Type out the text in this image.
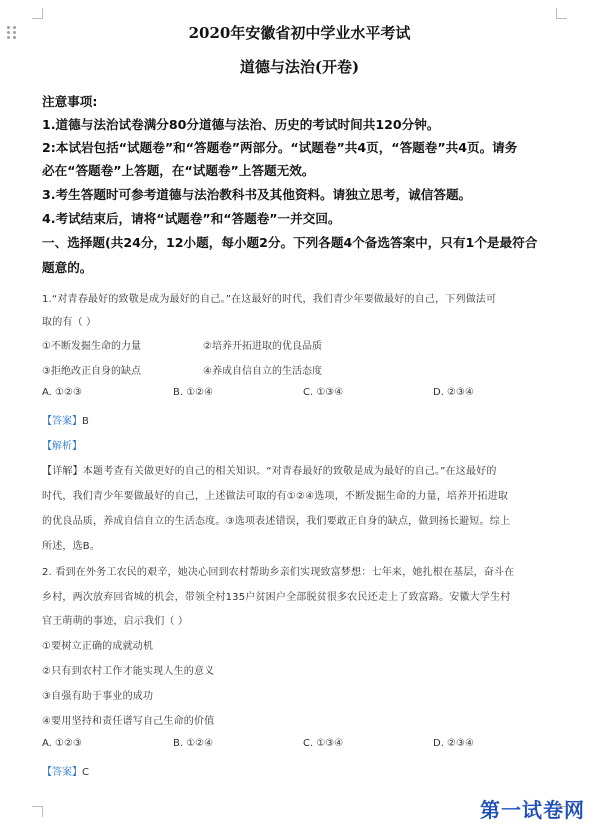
2020年安徽省初中学业水平考试
道德与法治(开卷)
注意事项:
1.道德与法治试卷满分80分道德与法治、历史的考试时间共120分钟。
2:本试岩包括“试题卷”和“答题卷”两部分。“试题卷”共4页，“答题卷”共4页。请务
必在“答题卷”上答题，在“试题卷”上答题无效。
3.考生答题时可参考道德与法治教科书及其他资料。请独立思考，诚信答题。
4.考试结束后，请将“试题卷”和“答题卷”一并交回。
一、选择题(共24分，12小题，每小题2分。下列各题4个备选答案中，只有1个是最符合
题意的。
1.“对青春最好的致敬是成为最好的自己。”在这最好的时代，我们青少年要做最好的自己，下列做法可
取的有（ ）
①不断发掘生命的力量	②培养开拓进取的优良品质
③拒绝改正自身的缺点	④养成自信自立的生活态度
A. ①②③	B. ①②④	C. ①③④	D. ②③④
【答案】B
【解析】
【详解】本题考查有关做更好的自己的相关知识。“对青春最好的致敬是成为最好的自己。”在这最好的
时代，我们青少年要做最好的自己，上述做法可取的有①②④选项，不断发掘生命的力量，培养开拓进取
的优良品质，养成自信自立的生活态度。③选项表述错误，我们要敢正自身的缺点，做到扬长避短。综上
所述，选B。
2. 看到在外务工农民的艰辛，她决心回到农村帮助乡亲们实现致富梦想：七年来，她扎根在基层，奋斗在
乡村，两次放弃回省城的机会，带领全村135户贫困户全部脱贫很多农民还走上了致富路。安徽大学生村
官王萌萌的事迹，启示我们（ ）
①要树立正确的成就动机
②只有到农村工作才能实现人生的意义
③自强有助于事业的成功
④要用坚持和责任谱写自己生命的价值
A. ①②③	B. ①②④	C. ①③④	D. ②③④
【答案】C
第一试卷网
